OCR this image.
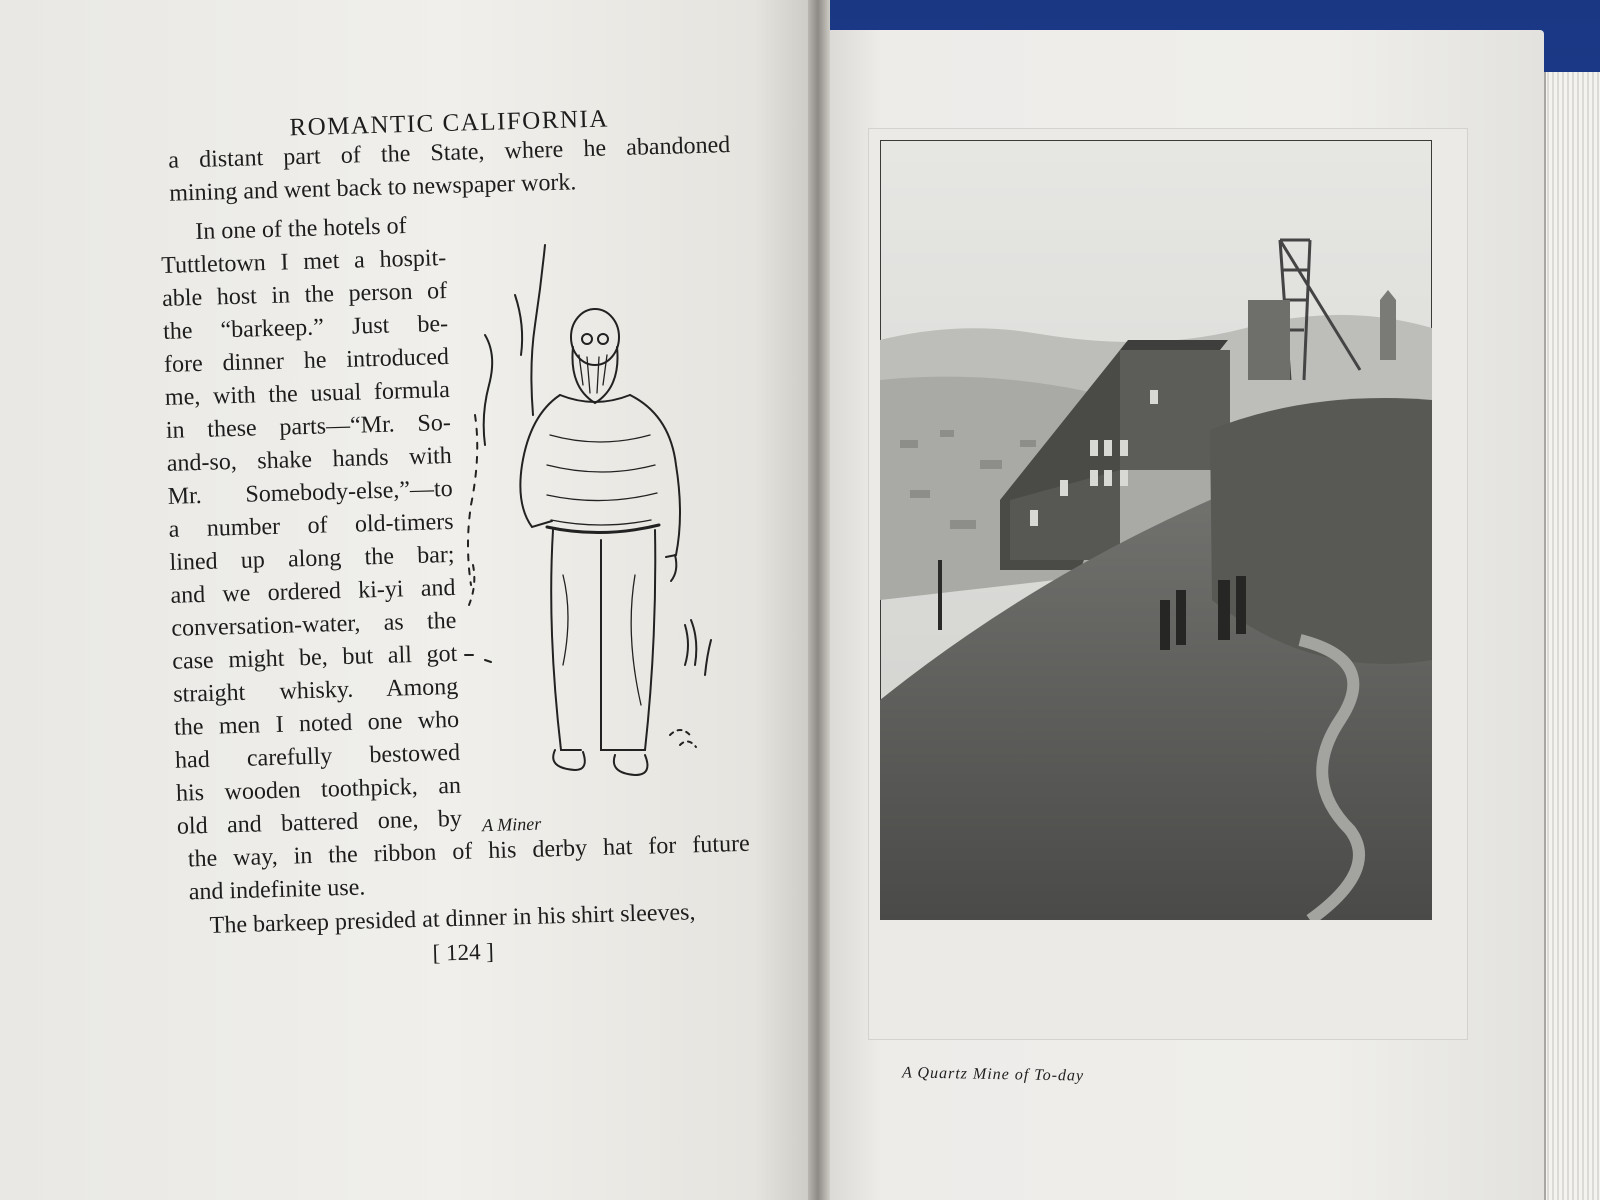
ROMANTIC CALIFORNIA
a distant part of the State, where he abandoned
mining and went back to newspaper work.
In one of the hotels of
Tuttletown I met a hospit-
able host in the person of
the “barkeep.” Just be-
fore dinner he introduced
me, with the usual formula
in these parts—“Mr. So-
and-so, shake hands with
Mr. Somebody-else,”—to
a number of old-timers
lined up along the bar;
and we ordered ki-yi and
conversation-water, as the
case might be, but all got
straight whisky. Among
the men I noted one who
had carefully bestowed
his wooden toothpick, an
old and battered one, by A Miner
the way, in the ribbon of his derby hat for future
and indefinite use.
The barkeep presided at dinner in his shirt sleeves,
[ 124 ]
A Quartz Mine of To-day
